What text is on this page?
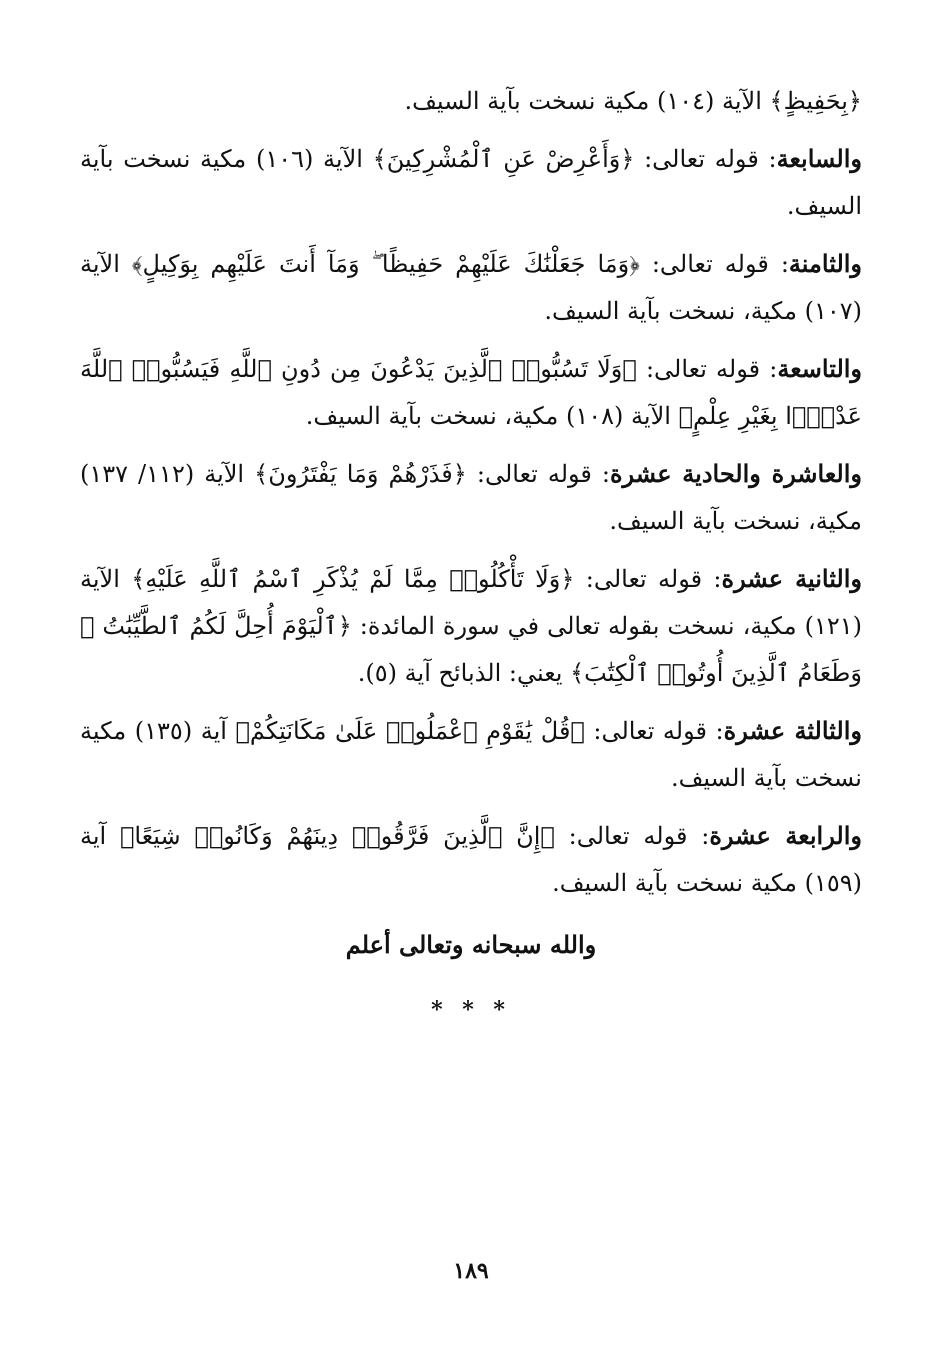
﴿بِحَفِيظٍ﴾ الآية (١٠٤) مكية نسخت بآية السيف.

والسابعة: قوله تعالى: ﴿وَأَعْرِضْ عَنِ ٱلْمُشْرِكِينَ﴾ الآية (١٠٦) مكية نسخت بآية السيف.

والثامنة: قوله تعالى: ﴿وَمَا جَعَلْنَٰكَ عَلَيْهِمْ حَفِيظًا ۖ وَمَآ أَنتَ عَلَيْهِم بِوَكِيلٍ﴾ الآية (١٠٧) مكية، نسخت بآية السيف.

والتاسعة: قوله تعالى: ﴿وَلَا تَسُبُّوا۟ ٱلَّذِينَ يَدْعُونَ مِن دُونِ ٱللَّهِ فَيَسُبُّوا۟ ٱللَّهَ عَدْوًۢا بِغَيْرِ عِلْمٍ﴾ الآية (١٠٨) مكية، نسخت بآية السيف.

والعاشرة والحادية عشرة: قوله تعالى: ﴿فَذَرْهُمْ وَمَا يَفْتَرُونَ﴾ الآية (١١٢/ ١٣٧) مكية، نسخت بآية السيف.

والثانية عشرة: قوله تعالى: ﴿وَلَا تَأْكُلُوا۟ مِمَّا لَمْ يُذْكَرِ ٱسْمُ ٱللَّهِ عَلَيْهِ﴾ الآية (١٢١) مكية، نسخت بقوله تعالى في سورة المائدة: ﴿ٱلْيَوْمَ أُحِلَّ لَكُمُ ٱلطَّيِّبَٰتُ ۖ وَطَعَامُ ٱلَّذِينَ أُوتُوا۟ ٱلْكِتَٰبَ﴾ يعني: الذبائح آية (٥).

والثالثة عشرة: قوله تعالى: ﴿قُلْ يَٰقَوْمِ ٱعْمَلُوا۟ عَلَىٰ مَكَانَتِكُمْ﴾ آية (١٣٥) مكية نسخت بآية السيف.

والرابعة عشرة: قوله تعالى: ﴿إِنَّ ٱلَّذِينَ فَرَّقُوا۟ دِينَهُمْ وَكَانُوا۟ شِيَعًا﴾ آية (١٥٩) مكية نسخت بآية السيف.

والله سبحانه وتعالى أعلم
* * *
١٨٩
